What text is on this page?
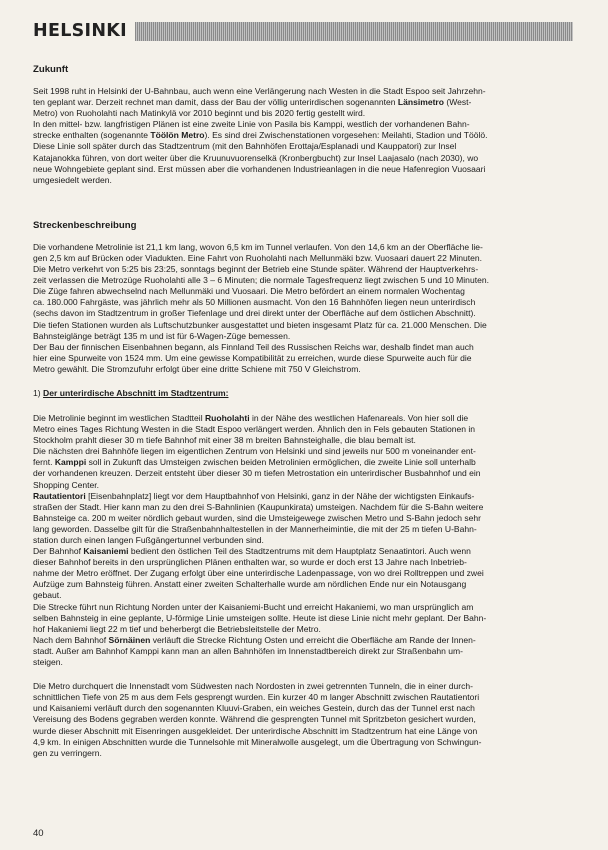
HELSINKI
Zukunft

Seit 1998 ruht in Helsinki der U-Bahnbau, auch wenn eine Verlängerung nach Westen in die Stadt Espoo seit Jahrzehn-
ten geplant war. Derzeit rechnet man damit, dass der Bau der völlig unterirdischen sogenannten Länsimetro (West-
Metro) von Ruoholahti nach Matinkylä vor 2010 beginnt und bis 2020 fertig gestellt wird.

In den mittel- bzw. langfristigen Plänen ist eine zweite Linie von Pasila bis Kamppi, westlich der vorhandenen Bahn-
strecke enthalten (sogenannte Töölön Metro). Es sind drei Zwischenstationen vorgesehen: Meilahti, Stadion und Töölö.
Diese Linie soll später durch das Stadtzentrum (mit den Bahnhöfen Erottaja/Esplanadi und Kauppatori) zur Insel
Katajanokka führen, von dort weiter über die Kruunuvuorenselkä (Kronbergbucht) zur Insel Laajasalo (nach 2030), wo
neue Wohngebiete geplant sind. Erst müssen aber die vorhandenen Industrieanlagen in die neue Hafenregion Vuosaari
umgesiedelt werden.

Streckenbeschreibung

Die vorhandene Metrolinie ist 21,1 km lang, wovon 6,5 km im Tunnel verlaufen. Von den 14,6 km an der Oberfläche lie-
gen 2,5 km auf Brücken oder Viadukten. Eine Fahrt von Ruoholahti nach Mellunmäki bzw. Vuosaari dauert 22 Minuten.
Die Metro verkehrt von 5:25 bis 23:25, sonntags beginnt der Betrieb eine Stunde später. Während der Hauptverkehrs-
zeit verlassen die Metrozüge Ruoholahti alle 3 – 6 Minuten; die normale Tagesfrequenz liegt zwischen 5 und 10 Minuten.
Die Züge fahren abwechselnd nach Mellunmäki und Vuosaari. Die Metro befördert an einem normalen Wochentag
ca. 180.000 Fahrgäste, was jährlich mehr als 50 Millionen ausmacht. Von den 16 Bahnhöfen liegen neun unterirdisch
(sechs davon im Stadtzentrum in großer Tiefenlage und drei direkt unter der Oberfläche auf dem östlichen Abschnitt).
Die tiefen Stationen wurden als Luftschutzbunker ausgestattet und bieten insgesamt Platz für ca. 21.000 Menschen. Die
Bahnsteiglänge beträgt 135 m und ist für 6-Wagen-Züge bemessen.

Der Bau der finnischen Eisenbahnen begann, als Finnland Teil des Russischen Reichs war, deshalb findet man auch
hier eine Spurweite von 1524 mm. Um eine gewisse Kompatibilität zu erreichen, wurde diese Spurweite auch für die
Metro gewählt. Die Stromzufuhr erfolgt über eine dritte Schiene mit 750 V Gleichstrom.

1) Der unterirdische Abschnitt im Stadtzentrum:

Die Metrolinie beginnt im westlichen Stadtteil Ruoholahti in der Nähe des westlichen Hafenareals. Von hier soll die
Metro eines Tages Richtung Westen in die Stadt Espoo verlängert werden. Ähnlich den in Fels gebauten Stationen in
Stockholm prahlt dieser 30 m tiefe Bahnhof mit einer 38 m breiten Bahnsteighalle, die blau bemalt ist.
Die nächsten drei Bahnhöfe liegen im eigentlichen Zentrum von Helsinki und sind jeweils nur 500 m voneinander ent-
fernt. Kamppi soll in Zukunft das Umsteigen zwischen beiden Metrolinien ermöglichen, die zweite Linie soll unterhalb
der vorhandenen kreuzen. Derzeit entsteht über dieser 30 m tiefen Metrostation ein unterirdischer Busbahnhof und ein
Shopping Center.

Rautatientori [Eisenbahnplatz] liegt vor dem Hauptbahnhof von Helsinki, ganz in der Nähe der wichtigsten Einkaufs-
straßen der Stadt. Hier kann man zu den drei S-Bahnlinien (Kaupunkirata) umsteigen. Nachdem für die S-Bahn weitere
Bahnsteige ca. 200 m weiter nördlich gebaut wurden, sind die Umsteigewege zwischen Metro und S-Bahn jedoch sehr
lang geworden. Dasselbe gilt für die Straßenbahnhaltestellen in der Mannerheimintie, die mit der 25 m tiefen U-Bahn-
station durch einen langen Fußgängertunnel verbunden sind.

Der Bahnhof Kaisaniemi bedient den östlichen Teil des Stadtzentrums mit dem Hauptplatz Senaatintori. Auch wenn
dieser Bahnhof bereits in den ursprünglichen Plänen enthalten war, so wurde er doch erst 13 Jahre nach Inbetrieb-
nahme der Metro eröffnet. Der Zugang erfolgt über eine unterirdische Ladenpassage, von wo drei Rolltreppen und zwei
Aufzüge zum Bahnsteig führen. Anstatt einer zweiten Schalterhalle wurde am nördlichen Ende nur ein Notausgang
gebaut.

Die Strecke führt nun Richtung Norden unter der Kaisaniemi-Bucht und erreicht Hakaniemi, wo man ursprünglich am
selben Bahnsteig in eine geplante, U-förmige Linie umsteigen sollte. Heute ist diese Linie nicht mehr geplant. Der Bahn-
hof Hakaniemi liegt 22 m tief und beherbergt die Betriebsleitstelle der Metro.

Nach dem Bahnhof Sörnäinen verläuft die Strecke Richtung Osten und erreicht die Oberfläche am Rande der Innen-
stadt. Außer am Bahnhof Kamppi kann man an allen Bahnhöfen im Innenstadtbereich direkt zur Straßenbahn um-
steigen.

Die Metro durchquert die Innenstadt vom Südwesten nach Nordosten in zwei getrennten Tunneln, die in einer durch-
schnittlichen Tiefe von 25 m aus dem Fels gesprengt wurden. Ein kurzer 40 m langer Abschnitt zwischen Rautatientori
und Kaisaniemi verläuft durch den sogenannten Kluuvi-Graben, ein weiches Gestein, durch das der Tunnel erst nach
Vereisung des Bodens gegraben werden konnte. Während die gesprengten Tunnel mit Spritzbeton gesichert wurden,
wurde dieser Abschnitt mit Eisenringen ausgekleidet. Der unterirdische Abschnitt im Stadtzentrum hat eine Länge von
4,9 km. In einigen Abschnitten wurde die Tunnelsohle mit Mineralwolle ausgelegt, um die Übertragung von Schwingun-
gen zu verringern.

40
